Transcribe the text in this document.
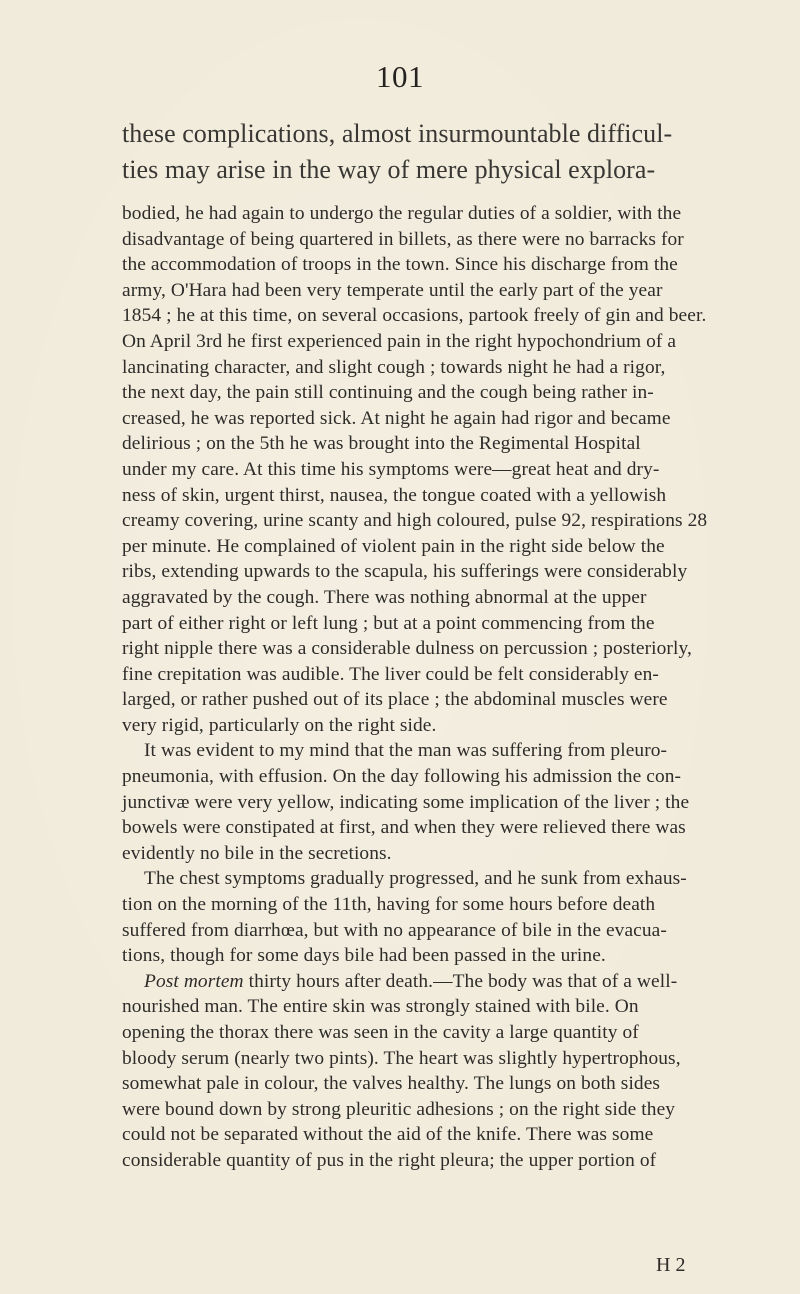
101
these complications, almost insurmountable difficul-
ties may arise in the way of mere physical explora-
bodied, he had again to undergo the regular duties of a soldier, with the
disadvantage of being quartered in billets, as there were no barracks for
the accommodation of troops in the town. Since his discharge from the
army, O'Hara had been very temperate until the early part of the year
1854 ; he at this time, on several occasions, partook freely of gin and beer.
On April 3rd he first experienced pain in the right hypochondrium of a
lancinating character, and slight cough ; towards night he had a rigor,
the next day, the pain still continuing and the cough being rather in-
creased, he was reported sick. At night he again had rigor and became
delirious ; on the 5th he was brought into the Regimental Hospital
under my care. At this time his symptoms were—great heat and dry-
ness of skin, urgent thirst, nausea, the tongue coated with a yellowish
creamy covering, urine scanty and high coloured, pulse 92, respirations 28
per minute. He complained of violent pain in the right side below the
ribs, extending upwards to the scapula, his sufferings were considerably
aggravated by the cough. There was nothing abnormal at the upper
part of either right or left lung ; but at a point commencing from the
right nipple there was a considerable dulness on percussion ; posteriorly,
fine crepitation was audible. The liver could be felt considerably en-
larged, or rather pushed out of its place ; the abdominal muscles were
very rigid, particularly on the right side.
It was evident to my mind that the man was suffering from pleuro-
pneumonia, with effusion. On the day following his admission the con-
junctivæ were very yellow, indicating some implication of the liver ; the
bowels were constipated at first, and when they were relieved there was
evidently no bile in the secretions.
The chest symptoms gradually progressed, and he sunk from exhaus-
tion on the morning of the 11th, having for some hours before death
suffered from diarrhœa, but with no appearance of bile in the evacua-
tions, though for some days bile had been passed in the urine.
Post mortem thirty hours after death.—The body was that of a well-
nourished man. The entire skin was strongly stained with bile. On
opening the thorax there was seen in the cavity a large quantity of
bloody serum (nearly two pints). The heart was slightly hypertrophous,
somewhat pale in colour, the valves healthy. The lungs on both sides
were bound down by strong pleuritic adhesions ; on the right side they
could not be separated without the aid of the knife. There was some
considerable quantity of pus in the right pleura; the upper portion of
H 2
